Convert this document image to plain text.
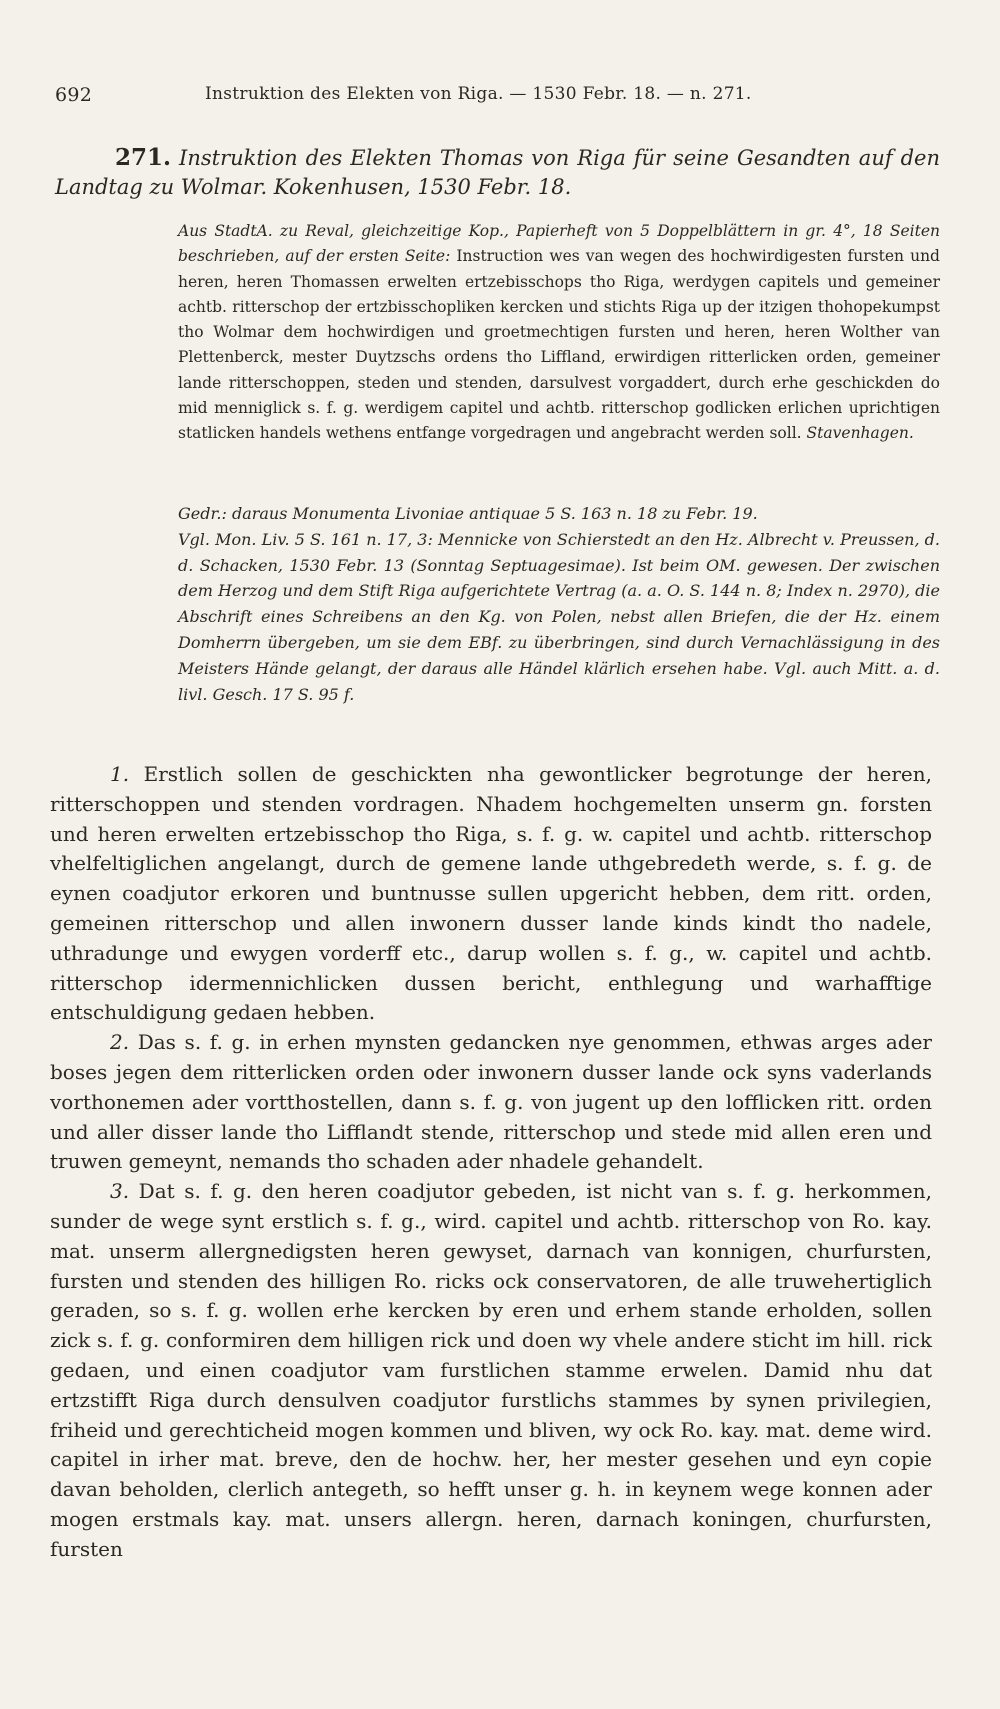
692	Instruktion des Elekten von Riga. — 1530 Febr. 18. — n. 271.
271. Instruktion des Elekten Thomas von Riga für seine Gesandten auf den Landtag zu Wolmar. Kokenhusen, 1530 Febr. 18.
Aus StadtA. zu Reval, gleichzeitige Kop., Papierheft von 5 Doppelblättern in gr. 4°, 18 Seiten beschrieben, auf der ersten Seite: Instruction wes van wegen des hochwirdigesten fursten und heren, heren Thomassen erwelten ertzebisschops tho Riga, werdygen capitels und gemeiner achtb. ritterschop der ertzbisschopliken kercken und stichts Riga up der itzigen thohopekumpst tho Wolmar dem hochwirdigen und groetmechtigen fursten und heren, heren Wolther van Plettenberck, mester Duytzschs ordens tho Liffland, erwirdigen ritterlicken orden, gemeiner lande ritterschoppen, steden und stenden, darsulvest vorgaddert, durch erhe geschickden do mid menniglick s. f. g. werdigem capitel und achtb. ritterschop godlicken erlichen uprichtigen statlicken handels wethens entfange vorgedragen und angebracht werden soll. Stavenhagen.

Gedr.: daraus Monumenta Livoniae antiquae 5 S. 163 n. 18 zu Febr. 19.

Vgl. Mon. Liv. 5 S. 161 n. 17, 3: Mennicke von Schierstedt an den Hz. Albrecht v. Preussen, d. d. Schacken, 1530 Febr. 13 (Sonntag Septuagesimae). Ist beim OM. gewesen. Der zwischen dem Herzog und dem Stift Riga aufgerichtete Vertrag (a. a. O. S. 144 n. 8; Index n. 2970), die Abschrift eines Schreibens an den Kg. von Polen, nebst allen Briefen, die der Hz. einem Domherrn übergeben, um sie dem EBf. zu überbringen, sind durch Vernachlässigung in des Meisters Hände gelangt, der daraus alle Händel klärlich ersehen habe. Vgl. auch Mitt. a. d. livl. Gesch. 17 S. 95 f.

1. Erstlich sollen de geschickten nha gewontlicker begrotunge der heren, ritterschoppen und stenden vordragen. Nhadem hochgemelten unserm gn. forsten und heren erwelten ertzebisschop tho Riga, s. f. g. w. capitel und achtb. ritterschop vhelfeltiglichen angelangt, durch de gemene lande uthgebredeth werde, s. f. g. de eynen coadjutor erkoren und buntnusse sullen upgericht hebben, dem ritt. orden, gemeinen ritterschop und allen inwonern dusser lande kinds kindt tho nadele, uthradunge und ewygen vorderff etc., darup wollen s. f. g., w. capitel und achtb. ritterschop idermennichlicken dussen bericht, enthlegung und warhafftige entschuldigung gedaen hebben.

2. Das s. f. g. in erhen mynsten gedancken nye genommen, ethwas arges ader boses jegen dem ritterlicken orden oder inwonern dusser lande ock syns vaderlands vorthonemen ader vortthostellen, dann s. f. g. von jugent up den lofflicken ritt. orden und aller disser lande tho Lifflandt stende, ritterschop und stede mid allen eren und truwen gemeynt, nemands tho schaden ader nhadele gehandelt.

3. Dat s. f. g. den heren coadjutor gebeden, ist nicht van s. f. g. herkommen, sunder de wege synt erstlich s. f. g., wird. capitel und achtb. ritterschop von Ro. kay. mat. unserm allergnedigsten heren gewyset, darnach van konnigen, churfursten, fursten und stenden des hilligen Ro. ricks ock conservatoren, de alle truwehertiglich geraden, so s. f. g. wollen erhe kercken by eren und erhem stande erholden, sollen zick s. f. g. conformiren dem hilligen rick und doen wy vhele andere sticht im hill. rick gedaen, und einen coadjutor vam furstlichen stamme erwelen. Damid nhu dat ertzstifft Riga durch densulven coadjutor furstlichs stammes by synen privilegien, friheid und gerechticheid mogen kommen und bliven, wy ock Ro. kay. mat. deme wird. capitel in irher mat. breve, den de hochw. her, her mester gesehen und eyn copie davan beholden, clerlich antegeth, so hefft unser g. h. in keynem wege konnen ader mogen erstmals kay. mat. unsers allergn. heren, darnach koningen, churfursten, fursten
